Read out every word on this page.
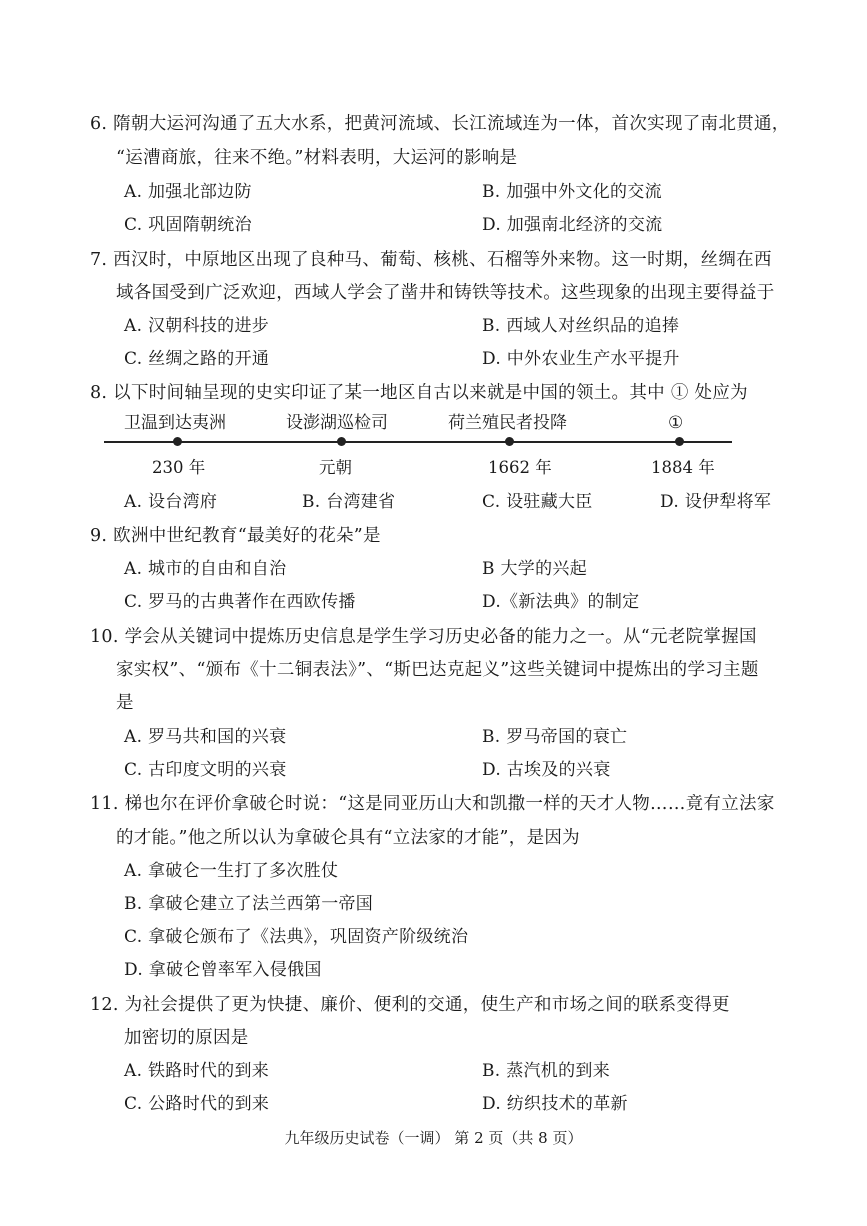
6. 隋朝大运河沟通了五大水系，把黄河流域、长江流域连为一体，首次实现了南北贯通，
“运漕商旅，往来不绝。”材料表明，大运河的影响是
A. 加强北部边防	B. 加强中外文化的交流
C. 巩固隋朝统治	D. 加强南北经济的交流
7. 西汉时，中原地区出现了良种马、葡萄、核桃、石榴等外来物。这一时期，丝绸在西
域各国受到广泛欢迎，西域人学会了凿井和铸铁等技术。这些现象的出现主要得益于
A. 汉朝科技的进步	B. 西域人对丝织品的追捧
C. 丝绸之路的开通	D. 中外农业生产水平提升
8. 以下时间轴呈现的史实印证了某一地区自古以来就是中国的领土。其中 ① 处应为
卫温到达夷洲	设澎湖巡检司	荷兰殖民者投降	①
230 年	元朝	1662 年	1884 年
A. 设台湾府	B. 台湾建省	C. 设驻藏大臣	D. 设伊犁将军
9. 欧洲中世纪教育“最美好的花朵”是
A. 城市的自由和自治	B 大学的兴起
C. 罗马的古典著作在西欧传播	D.《新法典》的制定
10. 学会从关键词中提炼历史信息是学生学习历史必备的能力之一。从“元老院掌握国
家实权”、“颁布《十二铜表法》”、“斯巴达克起义”这些关键词中提炼出的学习主题
是
A. 罗马共和国的兴衰	B. 罗马帝国的衰亡
C. 古印度文明的兴衰	D. 古埃及的兴衰
11. 梯也尔在评价拿破仑时说：“这是同亚历山大和凯撒一样的天才人物……竟有立法家
的才能。”他之所以认为拿破仑具有“立法家的才能”，是因为
A. 拿破仑一生打了多次胜仗
B. 拿破仑建立了法兰西第一帝国
C. 拿破仑颁布了《法典》，巩固资产阶级统治
D. 拿破仑曾率军入侵俄国
12. 为社会提供了更为快捷、廉价、便利的交通，使生产和市场之间的联系变得更
加密切的原因是
A. 铁路时代的到来	B. 蒸汽机的到来
C. 公路时代的到来	D. 纺织技术的革新
九年级历史试卷（一调） 第 2 页（共 8 页）
